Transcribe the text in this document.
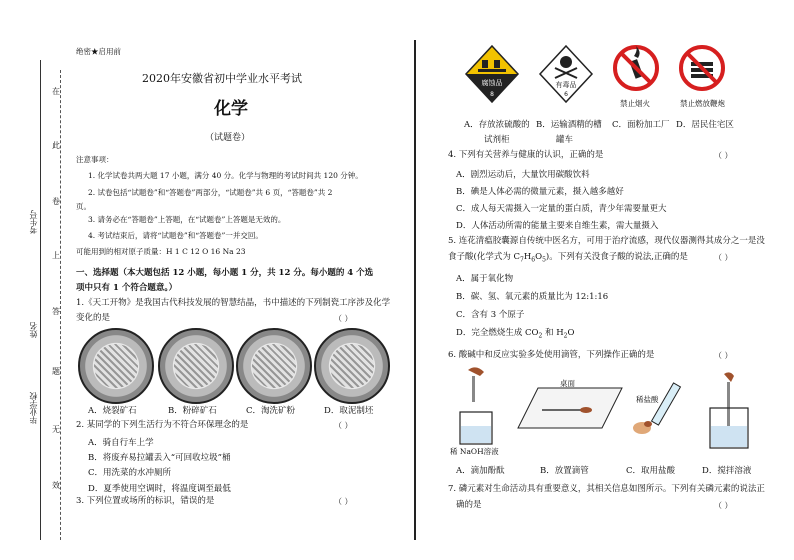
在
此
卷
上
答
题
无
效
考生号
姓名
毕业学校
绝密★启用前
2020年安徽省初中学业水平考试
化学
（试题卷）
注意事项：
1. 化学试卷共两大题 17 小题，满分 40 分。化学与物理的考试时间共 120 分钟。
2. 试卷包括“试题卷”和“答题卷”两部分，“试题卷”共 6 页，“答题卷”共 2
页。
3. 请务必在“答题卷”上答题，在“试题卷”上答题是无效的。
4. 考试结束后，请将“试题卷”和“答题卷”一并交回。
可能用到的相对原子质量：H 1 C 12 O 16 Na 23
一、选择题（本大题包括 12 小题，每小题 1 分，共 12 分。每小题的 4 个选
项中只有 1 个符合题意。）
1.《天工开物》是我国古代科技发展的智慧结晶，书中描述的下列制瓷工序涉及化学
变化的是	（ ）
A．烧裂矿石	B．粉碎矿石	C．淘洗矿粉	D．取泥制坯
2. 某同学的下列生活行为不符合环保理念的是	（ ）
A．骑自行车上学
B．将废弃易拉罐丢入“可回收垃圾”桶
C．用洗菜的水冲厕所
D．夏季使用空调时，将温度调至最低
3. 下列位置或场所的标识，错误的是	（ ）
腐蚀品
8
有毒品
6
禁止烟火	禁止燃放鞭炮
A．存放浓硫酸的 B．运输酒精的槽 C．面粉加工厂 D．居民住宅区
试剂柜	罐车
4. 下列有关营养与健康的认识，正确的是	（ ）
A．剧烈运动后，大量饮用碳酸饮料
B．碘是人体必需的微量元素，摄入越多越好
C．成人每天需摄入一定量的蛋白质，青少年需要量更大
D．人体活动所需的能量主要来自维生素，需大量摄入
5. 连花清瘟胶囊源自传统中医名方，可用于治疗流感，现代仪器测得其成分之一是没
食子酸(化学式为 $C_7H_6O_5$)。下列有关没食子酸的说法,正确的是	（ ）
A．属于氧化物
B．碳、氢、氧元素的质量比为 12:1:16
C．含有 3 个原子
D．完全燃烧生成 $CO_2$ 和 $H_2O$
6. 酸碱中和反应实验多处使用滴管，下列操作正确的是	（ ）
稀 NaOH溶液
桌面
稀盐酸
A．滴加酚酞	B．放置滴管	C．取用盐酸	D．搅拌溶液
7. 磷元素对生命活动具有重要意义，其相关信息如图所示。下列有关磷元素的说法正
确的是	（ ）
